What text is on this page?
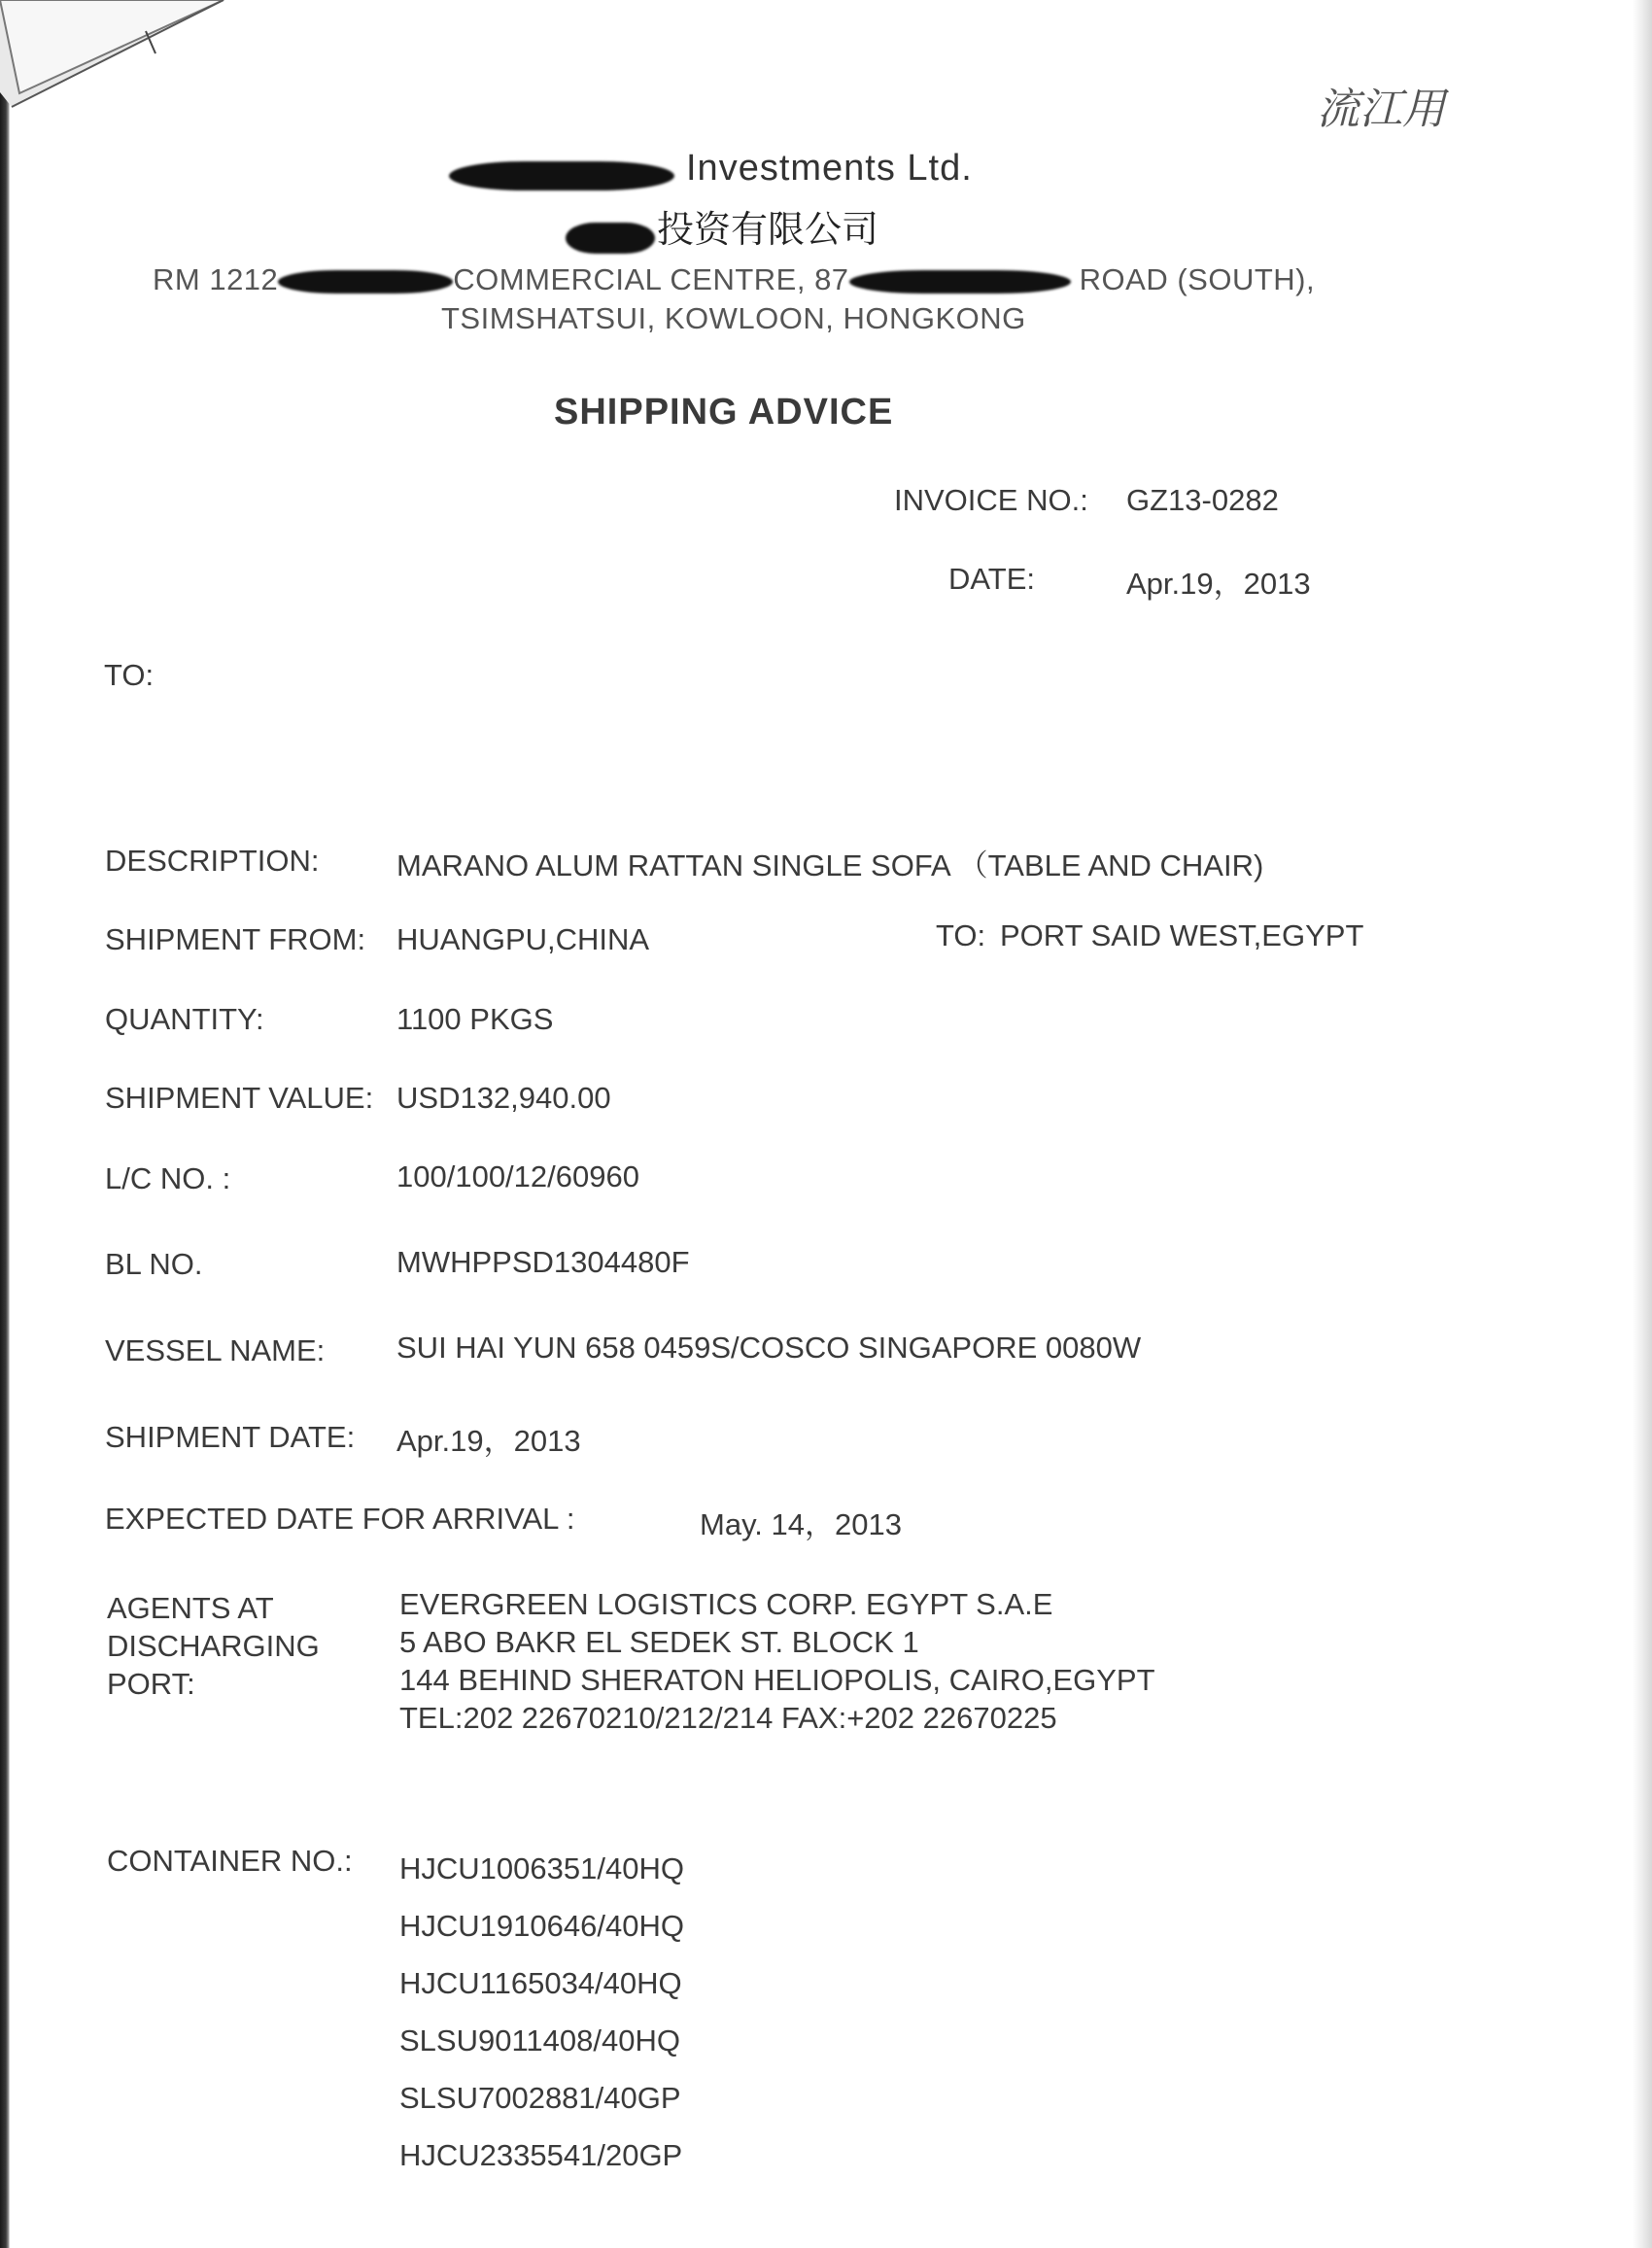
流江用
Investments Ltd.
投资有限公司
RM 1212	COMMERCIAL CENTRE, 87	ROAD (SOUTH),
TSIMSHATSUI, KOWLOON, HONGKONG
SHIPPING ADVICE
INVOICE NO.: GZ13-0282
DATE:	Apr.19，2013
TO:
DESCRIPTION:	MARANO ALUM RATTAN SINGLE SOFA （TABLE AND CHAIR)
SHIPMENT FROM: HUANGPU,CHINA	TO: PORT SAID WEST,EGYPT
QUANTITY:	1100 PKGS
SHIPMENT VALUE: USD132,940.00
L/C NO. :	100/100/12/60960
BL NO.	MWHPPSD1304480F
VESSEL NAME: SUI HAI YUN 658 0459S/COSCO SINGAPORE 0080W
SHIPMENT DATE: Apr.19，2013
EXPECTED DATE FOR ARRIVAL :	May. 14，2013
AGENTS AT
DISCHARGING
PORT:
EVERGREEN LOGISTICS CORP. EGYPT S.A.E
5 ABO BAKR EL SEDEK ST. BLOCK 1
144 BEHIND SHERATON HELIOPOLIS, CAIRO,EGYPT
TEL:202 22670210/212/214 FAX:+202 22670225
CONTAINER NO.: HJCU1006351/40HQ
HJCU1910646/40HQ
HJCU1165034/40HQ
SLSU9011408/40HQ
SLSU7002881/40GP
HJCU2335541/20GP
